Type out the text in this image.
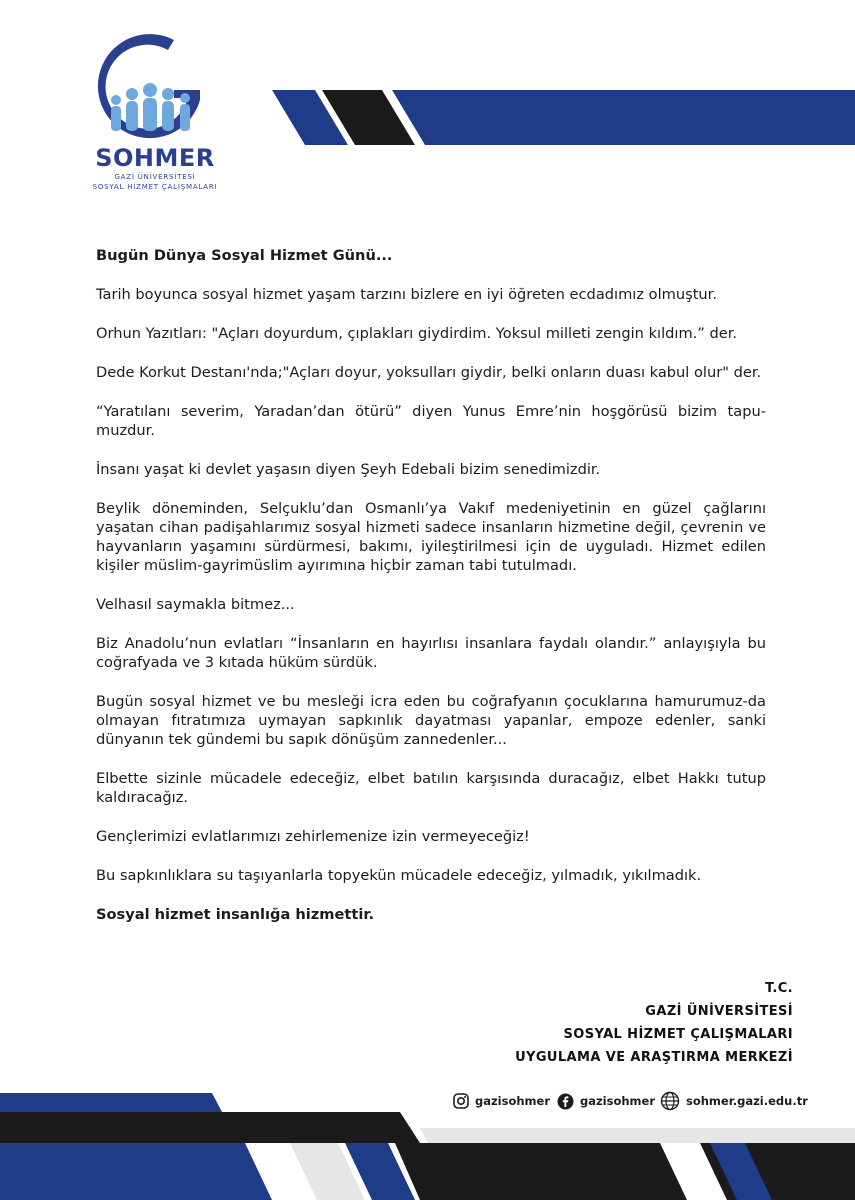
SOHMER
GAZİ ÜNİVERSİTESİ
SOSYAL HİZMET ÇALIŞMALARI

Bugün Dünya Sosyal Hizmet Günü...

Tarih boyunca sosyal hizmet yaşam tarzını bizlere en iyi öğreten ecdadımız olmuştur.

Orhun Yazıtları: "Açları doyurdum, çıplakları giydirdim. Yoksul milleti zengin kıldım.” der.

Dede Korkut Destanı'nda;"Açları doyur, yoksulları giydir, belki onların duası kabul olur" der.

“Yaratılanı severim, Yaradan’dan ötürü” diyen Yunus Emre’nin hoşgörüsü bizim tapu-muzdur.

İnsanı yaşat ki devlet yaşasın diyen Şeyh Edebali bizim senedimizdir.

Beylik döneminden, Selçuklu’dan Osmanlı’ya Vakıf medeniyetinin en güzel çağlarını yaşatan cihan padişahlarımız sosyal hizmeti sadece insanların hizmetine değil, çevrenin ve hayvanların yaşamını sürdürmesi, bakımı, iyileştirilmesi için de uyguladı. Hizmet edilen kişiler müslim-gayrimüslim ayırımına hiçbir zaman tabi tutulmadı.

Velhasıl saymakla bitmez...

Biz Anadolu’nun evlatları “İnsanların en hayırlısı insanlara faydalı olandır.” anlayışıyla bu coğrafyada ve 3 kıtada hüküm sürdük.

Bugün sosyal hizmet ve bu mesleği icra eden bu coğrafyanın çocuklarına hamurumuz-da olmayan fıtratımıza uymayan sapkınlık dayatması yapanlar, empoze edenler, sanki dünyanın tek gündemi bu sapık dönüşüm zannedenler...

Elbette sizinle mücadele edeceğiz, elbet batılın karşısında duracağız, elbet Hakkı tutup kaldıracağız.

Gençlerimizi evlatlarımızı zehirlemenize izin vermeyeceğiz!

Bu sapkınlıklara su taşıyanlarla topyekün mücadele edeceğiz, yılmadık, yıkılmadık.

Sosyal hizmet insanlığa hizmettir.

T.C.
GAZİ ÜNİVERSİTESİ
SOSYAL HİZMET ÇALIŞMALARI
UYGULAMA VE ARAŞTIRMA MERKEZİ
gazisohmer	gazisohmer	sohmer.gazi.edu.tr
